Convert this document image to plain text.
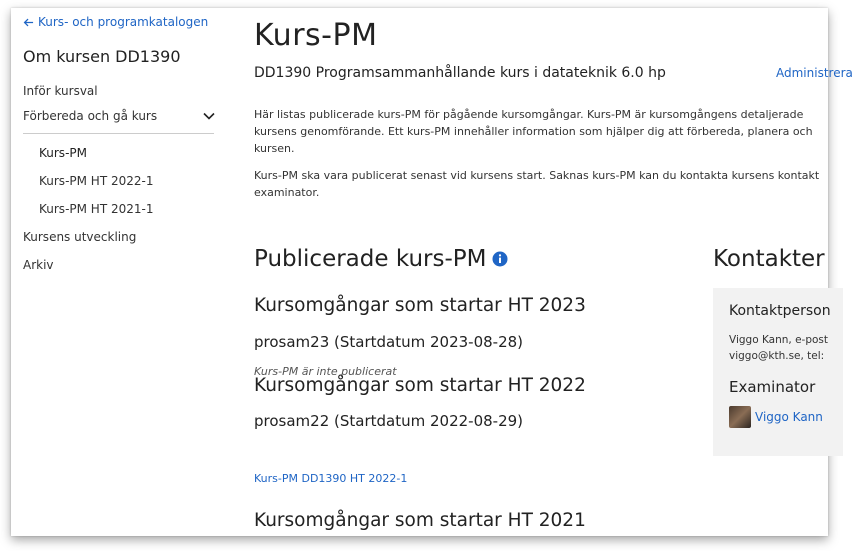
Kurs- och programkatalogen
Om kursen DD1390
Inför kursval
Förbereda och gå kurs
Kurs-PM
Kurs-PM HT 2022-1
Kurs-PM HT 2021-1
Kursens utveckling
Arkiv
Kurs-PM
DD1390 Programsammanhållande kurs i datateknik 6.0 hp	Administrera
Här listas publicerade kurs-PM för pågående kursomgångar. Kurs-PM är kursomgångens detaljerade
kursens genomförande. Ett kurs-PM innehåller information som hjälper dig att förbereda, planera och
kursen.
Kurs-PM ska vara publicerat senast vid kursens start. Saknas kurs-PM kan du kontakta kursens kontakt
examinator.
Publicerade kurs-PM
Kursomgångar som startar HT 2023
prosam23 (Startdatum 2023-08-28)
Kurs-PM är inte publicerat
Kursomgångar som startar HT 2022
prosam22 (Startdatum 2022-08-29)
Kurs-PM DD1390 HT 2022-1
Kursomgångar som startar HT 2021
Kontakter
Kontaktperson
Viggo Kann, e-post
viggo@kth.se, tel:
Examinator
Viggo Kann
